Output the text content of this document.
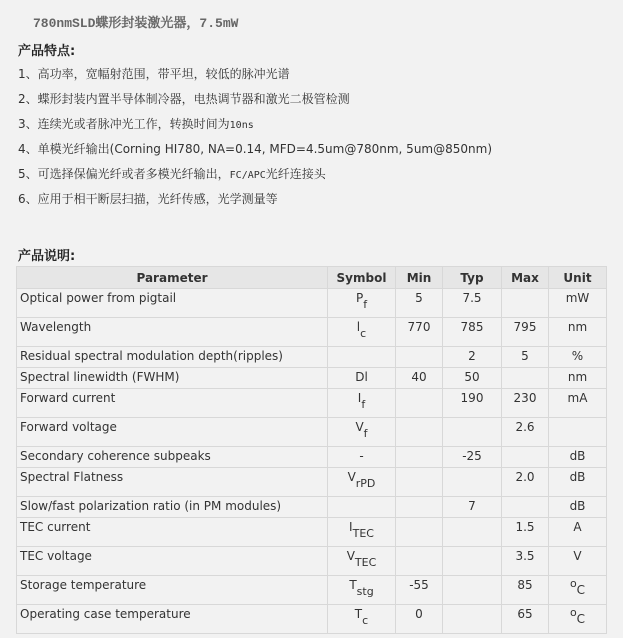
780nmSLD蝶形封装激光器，7.5mW
产品特点:
1、高功率，宽幅射范围，带平坦，较低的脉冲光谱
2、蝶形封装内置半导体制冷器，电热调节器和激光二极管检测
3、连续光或者脉冲光工作，转换时间为10ns
4、单模光纤输出(Corning HI780, NA=0.14, MFD=4.5um@780nm, 5um@850nm)
5、可选择保偏光纤或者多模光纤输出，FC/APC光纤连接头
6、应用于相干断层扫描，光纤传感，光学测量等
产品说明:
Parameter	Symbol	Min	Typ	Max	Unit
Optical power from pigtail	$P_f$	5	7.5		mW
Wavelength	$l_c$	770	785	795	nm
Residual spectral modulation depth(ripples)			2	5	%
Spectral linewidth (FWHM)	Dl	40	50		nm
Forward current	$I_f$		190	230	mA
Forward voltage	$V_f$			2.6	
Secondary coherence subpeaks	-		-25		dB
Spectral Flatness	$V_{rPD}$			2.0	dB
Slow/fast polarization ratio (in PM modules)			7		dB
TEC current	$I_{TEC}$			1.5	A
TEC voltage	$V_{TEC}$			3.5	V
Storage temperature	$T_{stg}$	-55		85	$^o$C
Operating case temperature	$T_c$	0		65	$^o$C
